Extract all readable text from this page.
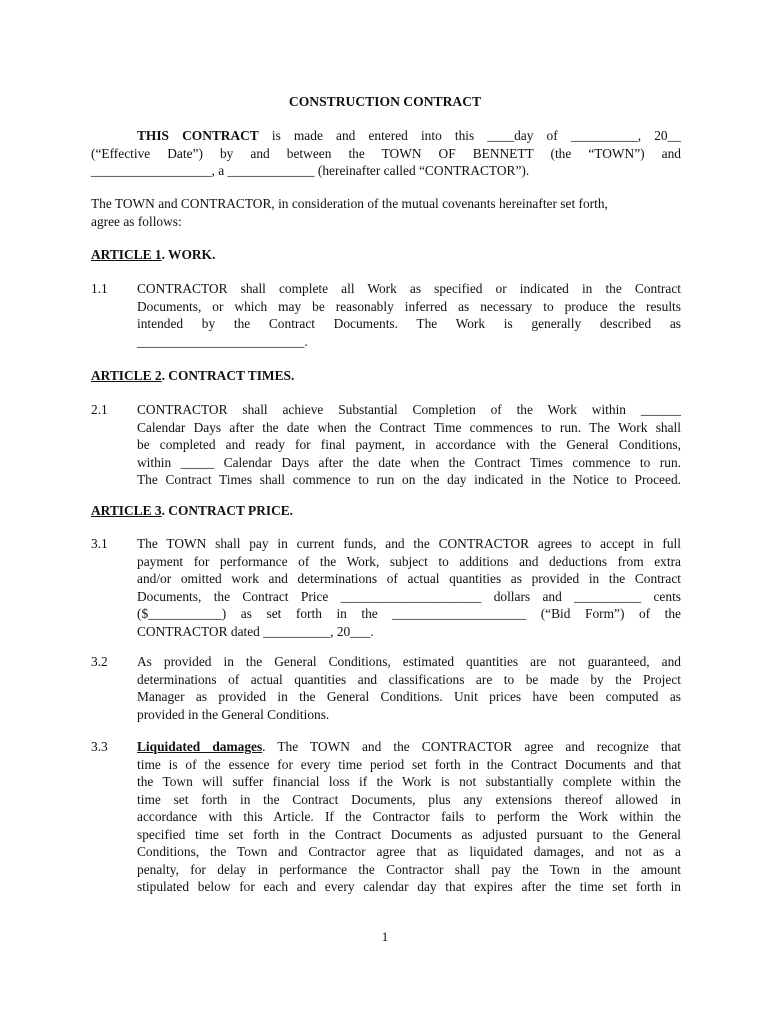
CONSTRUCTION CONTRACT
THIS CONTRACT is made and entered into this ____day of __________, 20__
(“Effective Date”) by and between the TOWN OF BENNETT (the “TOWN”) and
__________________, a _____________ (hereinafter called “CONTRACTOR”).
The TOWN and CONTRACTOR, in consideration of the mutual covenants hereinafter set forth,
agree as follows:
ARTICLE 1. WORK.
1.1 CONTRACTOR shall complete all Work as specified or indicated in the Contract
Documents, or which may be reasonably inferred as necessary to produce the results
intended by the Contract Documents. The Work is generally described as
_________________________.
ARTICLE 2. CONTRACT TIMES.
2.1 CONTRACTOR shall achieve Substantial Completion of the Work within ______
Calendar Days after the date when the Contract Time commences to run. The Work shall
be completed and ready for final payment, in accordance with the General Conditions,
within _____ Calendar Days after the date when the Contract Times commence to run.
The Contract Times shall commence to run on the day indicated in the Notice to Proceed.
ARTICLE 3. CONTRACT PRICE.
3.1 The TOWN shall pay in current funds, and the CONTRACTOR agrees to accept in full
payment for performance of the Work, subject to additions and deductions from extra
and/or omitted work and determinations of actual quantities as provided in the Contract
Documents, the Contract Price _____________________ dollars and __________ cents
($___________) as set forth in the ____________________ (“Bid Form”) of the
CONTRACTOR dated __________, 20___.
3.2 As provided in the General Conditions, estimated quantities are not guaranteed, and
determinations of actual quantities and classifications are to be made by the Project
Manager as provided in the General Conditions. Unit prices have been computed as
provided in the General Conditions.
3.3 Liquidated damages. The TOWN and the CONTRACTOR agree and recognize that
time is of the essence for every time period set forth in the Contract Documents and that
the Town will suffer financial loss if the Work is not substantially complete within the
time set forth in the Contract Documents, plus any extensions thereof allowed in
accordance with this Article. If the Contractor fails to perform the Work within the
specified time set forth in the Contract Documents as adjusted pursuant to the General
Conditions, the Town and Contractor agree that as liquidated damages, and not as a
penalty, for delay in performance the Contractor shall pay the Town in the amount
stipulated below for each and every calendar day that expires after the time set forth in
1
